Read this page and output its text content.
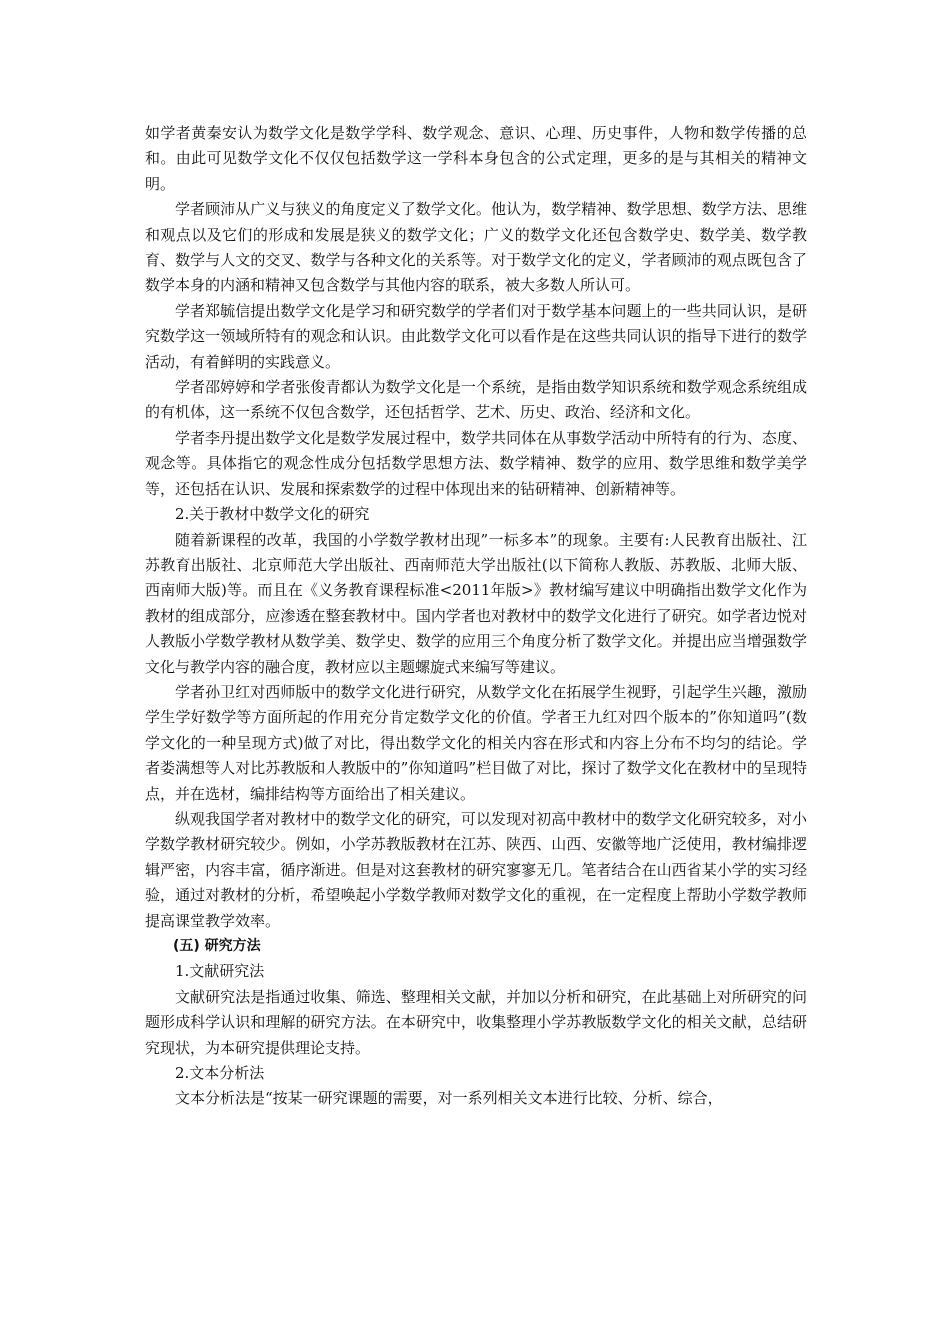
如学者黄秦安认为数学文化是数学学科、数学观念、意识、心理、历史事件，人物和数学传播的总和。由此可见数学文化不仅仅包括数学这一学科本身包含的公式定理，更多的是与其相关的精神文明。

学者顾沛从广义与狭义的角度定义了数学文化。他认为，数学精神、数学思想、数学方法、思维和观点以及它们的形成和发展是狭义的数学文化；广义的数学文化还包含数学史、数学美、数学教育、数学与人文的交叉、数学与各种文化的关系等。对于数学文化的定义，学者顾沛的观点既包含了数学本身的内涵和精神又包含数学与其他内容的联系，被大多数人所认可。

学者郑毓信提出数学文化是学习和研究数学的学者们对于数学基本问题上的一些共同认识，是研究数学这一领域所特有的观念和认识。由此数学文化可以看作是在这些共同认识的指导下进行的数学活动，有着鲜明的实践意义。

学者邵婷婷和学者张俊青都认为数学文化是一个系统，是指由数学知识系统和数学观念系统组成的有机体，这一系统不仅包含数学，还包括哲学、艺术、历史、政治、经济和文化。

学者李丹提出数学文化是数学发展过程中，数学共同体在从事数学活动中所特有的行为、态度、观念等。具体指它的观念性成分包括数学思想方法、数学精神、数学的应用、数学思维和数学美学等，还包括在认识、发展和探索数学的过程中体现出来的钻研精神、创新精神等。

2.关于教材中数学文化的研究

随着新课程的改革，我国的小学数学教材出现”一标多本”的现象。主要有:人民教育出版社、江苏教育出版社、北京师范大学出版社、西南师范大学出版社(以下简称人教版、苏教版、北师大版、西南师大版)等。而且在《义务教育课程标准<2011年版>》教材编写建议中明确指出数学文化作为教材的组成部分，应渗透在整套教材中。国内学者也对教材中的数学文化进行了研究。如学者边悦对人教版小学数学教材从数学美、数学史、数学的应用三个角度分析了数学文化。并提出应当增强数学文化与教学内容的融合度，教材应以主题螺旋式来编写等建议。

学者孙卫红对西师版中的数学文化进行研究，从数学文化在拓展学生视野，引起学生兴趣，激励学生学好数学等方面所起的作用充分肯定数学文化的价值。学者王九红对四个版本的”你知道吗”(数学文化的一种呈现方式)做了对比，得出数学文化的相关内容在形式和内容上分布不均匀的结论。学者娄满想等人对比苏教版和人教版中的”你知道吗”栏目做了对比，探讨了数学文化在教材中的呈现特点，并在选材，编排结构等方面给出了相关建议。

纵观我国学者对教材中的数学文化的研究，可以发现对初高中教材中的数学文化研究较多，对小学数学教材研究较少。例如，小学苏教版教材在江苏、陕西、山西、安徽等地广泛使用，教材编排逻辑严密，内容丰富，循序渐进。但是对这套教材的研究寥寥无几。笔者结合在山西省某小学的实习经验，通过对教材的分析，希望唤起小学数学教师对数学文化的重视，在一定程度上帮助小学数学教师提高课堂教学效率。

(五) 研究方法

1.文献研究法

文献研究法是指通过收集、筛选、整理相关文献，并加以分析和研究，在此基础上对所研究的问题形成科学认识和理解的研究方法。在本研究中，收集整理小学苏教版数学文化的相关文献，总结研究现状，为本研究提供理论支持。

2.文本分析法

文本分析法是“按某一研究课题的需要，对一系列相关文本进行比较、分析、综合，
